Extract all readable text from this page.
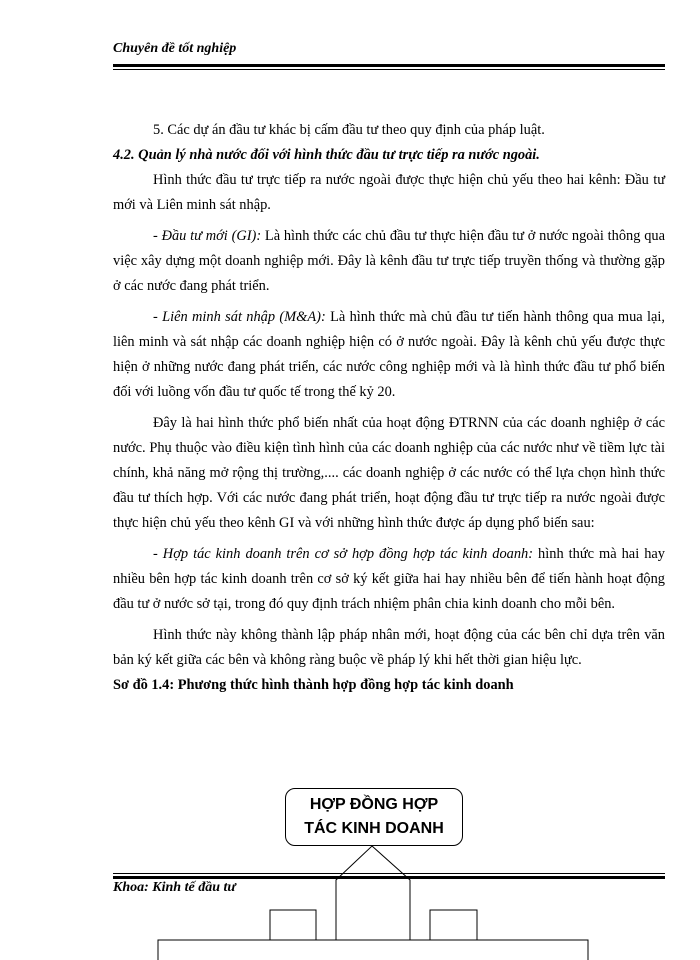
Chuyên đề tốt nghiệp

5. Các dự án đầu tư khác bị cấm đầu tư theo quy định của pháp luật.

4.2. Quản lý nhà nước đối với hình thức đầu tư trực tiếp ra nước ngoài.

Hình thức đầu tư trực tiếp ra nước ngoài được thực hiện chủ yếu theo hai kênh: Đầu tư mới và Liên minh sát nhập.

- Đầu tư mới (GI): Là hình thức các chủ đầu tư thực hiện đầu tư ở nước ngoài thông qua việc xây dựng một doanh nghiệp mới. Đây là kênh đầu tư trực tiếp truyền thống và thường gặp ở các nước đang phát triển.

- Liên minh sát nhập (M&A): Là hình thức mà chủ đầu tư tiến hành thông qua mua lại, liên minh và sát nhập các doanh nghiệp hiện có ở nước ngoài. Đây là kênh chủ yếu được thực hiện ở những nước đang phát triển, các nước công nghiệp mới và là hình thức đầu tư phổ biến đối với luồng vốn đầu tư quốc tế trong thế kỷ 20.

Đây là hai hình thức phổ biến nhất của hoạt động ĐTRNN của các doanh nghiệp ở các nước. Phụ thuộc vào điều kiện tình hình của các doanh nghiệp của các nước như về tiềm lực tài chính, khả năng mở rộng thị trường,.... các doanh nghiệp ở các nước có thể lựa chọn hình thức đầu tư thích hợp. Với các nước đang phát triển, hoạt động đầu tư trực tiếp ra nước ngoài được thực hiện chủ yếu theo kênh GI và với những hình thức được áp dụng phổ biến sau:

- Hợp tác kinh doanh trên cơ sở hợp đồng hợp tác kinh doanh: hình thức mà hai hay nhiều bên hợp tác kinh doanh trên cơ sở ký kết giữa hai hay nhiều bên để tiến hành hoạt động đầu tư ở nước sở tại, trong đó quy định trách nhiệm phân chia kinh doanh cho mỗi bên.

Hình thức này không thành lập pháp nhân mới, hoạt động của các bên chỉ dựa trên văn bản ký kết giữa các bên và không ràng buộc về pháp lý khi hết thời gian hiệu lực.

Sơ đồ 1.4: Phương thức hình thành hợp đồng hợp tác kinh doanh

HỢP ĐỒNG HỢP
TÁC KINH DOANH
Khoa: Kinh tế đầu tư
